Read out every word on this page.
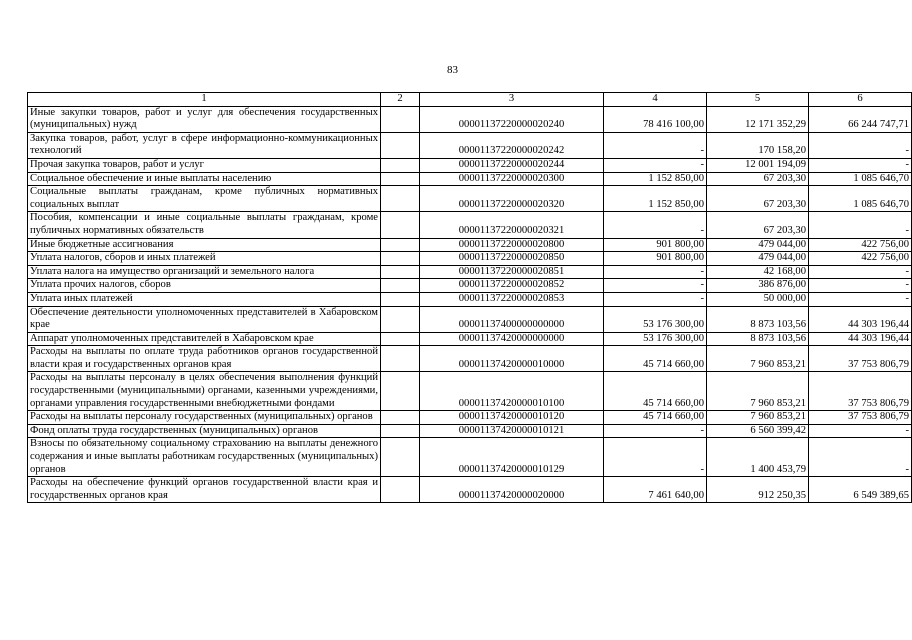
83
1	2	3	4	5	6
Иные закупки товаров, работ и услуг для обеспечения государственных (муниципальных) нужд		00001137220000020240	78 416 100,00	12 171 352,29	66 244 747,71
Закупка товаров, работ, услуг в сфере информационно-коммуникационных технологий		00001137220000020242	-	170 158,20	-
Прочая закупка товаров, работ и услуг		00001137220000020244	-	12 001 194,09	-
Социальное обеспечение и иные выплаты населению		00001137220000020300	1 152 850,00	67 203,30	1 085 646,70
Социальные выплаты гражданам, кроме публичных нормативных социальных выплат		00001137220000020320	1 152 850,00	67 203,30	1 085 646,70
Пособия, компенсации и иные социальные выплаты гражданам, кроме публичных нормативных обязательств		00001137220000020321	-	67 203,30	-
Иные бюджетные ассигнования		00001137220000020800	901 800,00	479 044,00	422 756,00
Уплата налогов, сборов и иных платежей		00001137220000020850	901 800,00	479 044,00	422 756,00
Уплата налога на имущество организаций и земельного налога		00001137220000020851	-	42 168,00	-
Уплата прочих налогов, сборов		00001137220000020852	-	386 876,00	-
Уплата иных платежей		00001137220000020853	-	50 000,00	-
Обеспечение деятельности уполномоченных представителей в Хабаровском крае		00001137400000000000	53 176 300,00	8 873 103,56	44 303 196,44
Аппарат уполномоченных представителей в Хабаровском крае		00001137420000000000	53 176 300,00	8 873 103,56	44 303 196,44
Расходы на выплаты по оплате труда работников органов государственной власти края и государственных органов края		00001137420000010000	45 714 660,00	7 960 853,21	37 753 806,79
Расходы на выплаты персоналу в целях обеспечения выполнения функций государственными (муниципальными) органами, казенными учреждениями, органами управления государственными внебюджетными фондами		00001137420000010100	45 714 660,00	7 960 853,21	37 753 806,79
Расходы на выплаты персоналу государственных (муниципальных) органов		00001137420000010120	45 714 660,00	7 960 853,21	37 753 806,79
Фонд оплаты труда государственных (муниципальных) органов		00001137420000010121	-	6 560 399,42	-
Взносы по обязательному социальному страхованию на выплаты денежного содержания и иные выплаты работникам государственных (муниципальных) органов		00001137420000010129	-	1 400 453,79	-
Расходы на обеспечение функций органов государственной власти края и государственных органов края		00001137420000020000	7 461 640,00	912 250,35	6 549 389,65
